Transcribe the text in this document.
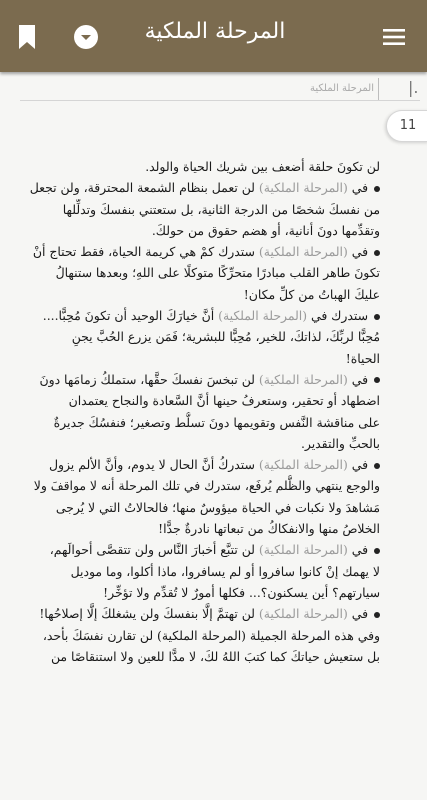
المرحلة الملكية
المرحلة الملكية |.
11
لن تكونَ حلقة أضعف بين شريك الحياة والولد.
في (المرحلة الملكية) لن تعمل بنظام الشمعة المحترقة، ولن تجعل
من نفسكَ شخصًا من الدرجة الثانية، بل ستعتني بنفسكَ وتدلِّلها
وتقدِّمها دونَ أنانية، أو هضم حقوق من حولكَ.
في (المرحلة الملكية) ستدرك كمْ هي كريمة الحياة، فقط تحتاج أنْ
تكونَ طاهر القلب مبادرًا متحرِّكًا متوكلًا على اللهِ؛ وبعدها ستنهالُ
عليكَ الهباتُ من كلِّ مكان!
ستدرك في (المرحلة الملكية) أنَّ خيارَكَ الوحيد أن تكونَ مُحِبًّا....
مُحِبًّا لربِّكَ، لذاتكَ، للخير، مُحِبًّا للبشرية؛ فَمَن يزرع الحُبَّ يجنِ
الحياة!
في (المرحلة الملكية) لن تبخسَ نفسكَ حقَّها، ستملكُ زمامَها دونَ
اضطهاد أو تحقير، وستعرفُ حينها أنَّ السَّعادة والنجاح يعتمدان
على مناقشة النَّفس وتقويمها دونَ تسلُّط وتصغير؛ فنفسُكَ جديرةٌ
بالحبِّ والتقدير.
في (المرحلة الملكية) ستدركُ أنَّ الحال لا يدوم، وأنَّ الألم يزول
والوجع ينتهي والظُّلم يُرفَع، ستدرك في تلك المرحلة أنه لا مواقفَ ولا
مَشاهدَ ولا نكبات في الحياة ميؤوسٌ منها؛ فالحالاتُ التي لا يُرجى
الخلاصُ منها والانفكاكُ من تبعاتها نادرةٌ جدًّا!
في (المرحلة الملكية) لن تتبَّع أخبارَ النَّاس ولن تتقصَّى أحوالَهم،
لا يهمك إنْ كانوا سافروا أو لم يسافروا، ماذا أكلوا، وما موديل
سيارتهم؟ أين يسكنون؟... فكلها أمورٌ لا تُقدِّم ولا تؤخِّر!
في (المرحلة الملكية) لن تهتمَّ إلَّا بنفسكَ ولن يشغلكَ إلَّا إصلاحُها!
وفي هذه المرحلة الجميلة (المرحلة الملكية) لن تقارن نفسَكَ بأحد،
بل ستعيش حياتكَ كما كتبَ اللهُ لكَ، لا مدًّا للعين ولا استنقاصًا من
